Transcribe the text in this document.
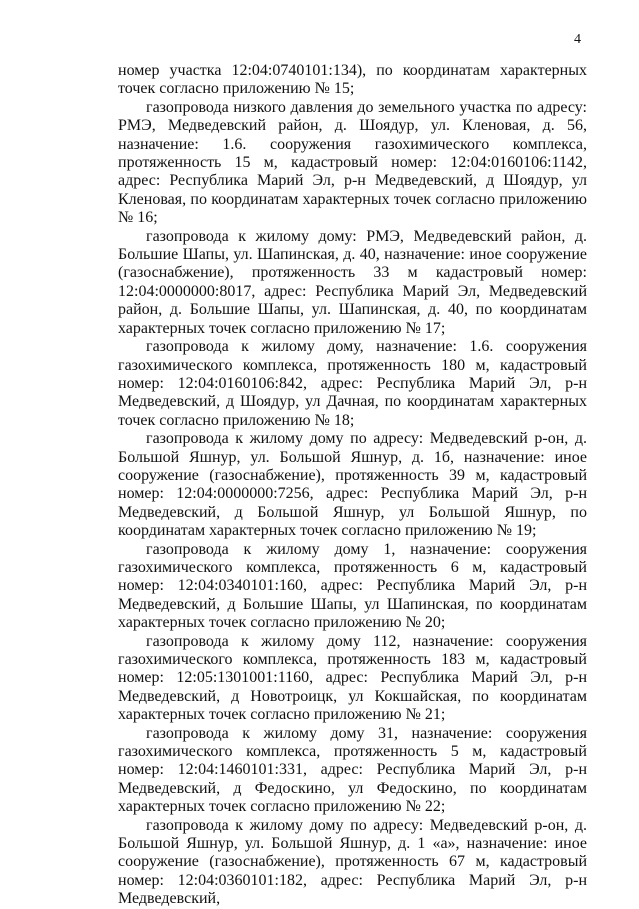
4

номер участка 12:04:0740101:134), по координатам характерных точек согласно приложению № 15;

газопровода низкого давления до земельного участка по адресу: РМЭ, Медведевский район, д. Шоядур, ул. Кленовая, д. 56, назначение: 1.6. сооружения газохимического комплекса, протяженность 15 м, кадастровый номер: 12:04:0160106:1142, адрес: Республика Марий Эл, р-н Медведевский, д Шоядур, ул Кленовая, по координатам характерных точек согласно приложению № 16;

газопровода к жилому дому: РМЭ, Медведевский район, д. Большие Шапы, ул. Шапинская, д. 40, назначение: иное сооружение (газоснабжение), протяженность 33 м кадастровый номер: 12:04:0000000:8017, адрес: Республика Марий Эл, Медведевский район, д. Большие Шапы, ул. Шапинская, д. 40, по координатам характерных точек согласно приложению № 17;

газопровода к жилому дому, назначение: 1.6. сооружения газохимического комплекса, протяженность 180 м, кадастровый номер: 12:04:0160106:842, адрес: Республика Марий Эл, р-н Медведевский, д Шоядур, ул Дачная, по координатам характерных точек согласно приложению № 18;

газопровода к жилому дому по адресу: Медведевский р-он, д. Большой Яшнур, ул. Большой Яшнур, д. 1б, назначение: иное сооружение (газоснабжение), протяженность 39 м, кадастровый номер: 12:04:0000000:7256, адрес: Республика Марий Эл, р-н Медведевский, д Большой Яшнур, ул Большой Яшнур, по координатам характерных точек согласно приложению № 19;

газопровода к жилому дому 1, назначение: сооружения газохимического комплекса, протяженность 6 м, кадастровый номер: 12:04:0340101:160, адрес: Республика Марий Эл, р-н Медведевский, д Большие Шапы, ул Шапинская, по координатам характерных точек согласно приложению № 20;

газопровода к жилому дому 112, назначение: сооружения газохимического комплекса, протяженность 183 м, кадастровый номер: 12:05:1301001:1160, адрес: Республика Марий Эл, р-н Медведевский, д Новотроицк, ул Кокшайская, по координатам характерных точек согласно приложению № 21;

газопровода к жилому дому 31, назначение: сооружения газохимического комплекса, протяженность 5 м, кадастровый номер: 12:04:1460101:331, адрес: Республика Марий Эл, р-н Медведевский, д Федоскино, ул Федоскино, по координатам характерных точек согласно приложению № 22;

газопровода к жилому дому по адресу: Медведевский р-он, д. Большой Яшнур, ул. Большой Яшнур, д. 1 «а», назначение: иное сооружение (газоснабжение), протяженность 67 м, кадастровый номер: 12:04:0360101:182, адрес: Республика Марий Эл, р-н Медведевский,
